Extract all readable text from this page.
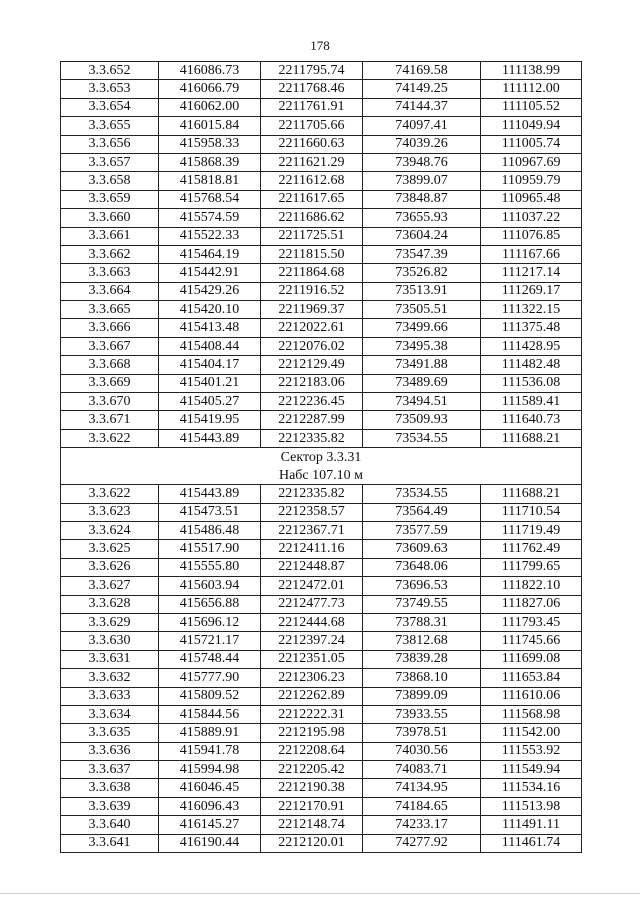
178
3.3.652	416086.73	2211795.74	74169.58	111138.99
3.3.653	416066.79	2211768.46	74149.25	111112.00
3.3.654	416062.00	2211761.91	74144.37	111105.52
3.3.655	416015.84	2211705.66	74097.41	111049.94
3.3.656	415958.33	2211660.63	74039.26	111005.74
3.3.657	415868.39	2211621.29	73948.76	110967.69
3.3.658	415818.81	2211612.68	73899.07	110959.79
3.3.659	415768.54	2211617.65	73848.87	110965.48
3.3.660	415574.59	2211686.62	73655.93	111037.22
3.3.661	415522.33	2211725.51	73604.24	111076.85
3.3.662	415464.19	2211815.50	73547.39	111167.66
3.3.663	415442.91	2211864.68	73526.82	111217.14
3.3.664	415429.26	2211916.52	73513.91	111269.17
3.3.665	415420.10	2211969.37	73505.51	111322.15
3.3.666	415413.48	2212022.61	73499.66	111375.48
3.3.667	415408.44	2212076.02	73495.38	111428.95
3.3.668	415404.17	2212129.49	73491.88	111482.48
3.3.669	415401.21	2212183.06	73489.69	111536.08
3.3.670	415405.27	2212236.45	73494.51	111589.41
3.3.671	415419.95	2212287.99	73509.93	111640.73
3.3.622	415443.89	2212335.82	73534.55	111688.21
Сектор 3.3.31				
Набс 107.10 м				
3.3.622	415443.89	2212335.82	73534.55	111688.21
3.3.623	415473.51	2212358.57	73564.49	111710.54
3.3.624	415486.48	2212367.71	73577.59	111719.49
3.3.625	415517.90	2212411.16	73609.63	111762.49
3.3.626	415555.80	2212448.87	73648.06	111799.65
3.3.627	415603.94	2212472.01	73696.53	111822.10
3.3.628	415656.88	2212477.73	73749.55	111827.06
3.3.629	415696.12	2212444.68	73788.31	111793.45
3.3.630	415721.17	2212397.24	73812.68	111745.66
3.3.631	415748.44	2212351.05	73839.28	111699.08
3.3.632	415777.90	2212306.23	73868.10	111653.84
3.3.633	415809.52	2212262.89	73899.09	111610.06
3.3.634	415844.56	2212222.31	73933.55	111568.98
3.3.635	415889.91	2212195.98	73978.51	111542.00
3.3.636	415941.78	2212208.64	74030.56	111553.92
3.3.637	415994.98	2212205.42	74083.71	111549.94
3.3.638	416046.45	2212190.38	74134.95	111534.16
3.3.639	416096.43	2212170.91	74184.65	111513.98
3.3.640	416145.27	2212148.74	74233.17	111491.11
3.3.641	416190.44	2212120.01	74277.92	111461.74
